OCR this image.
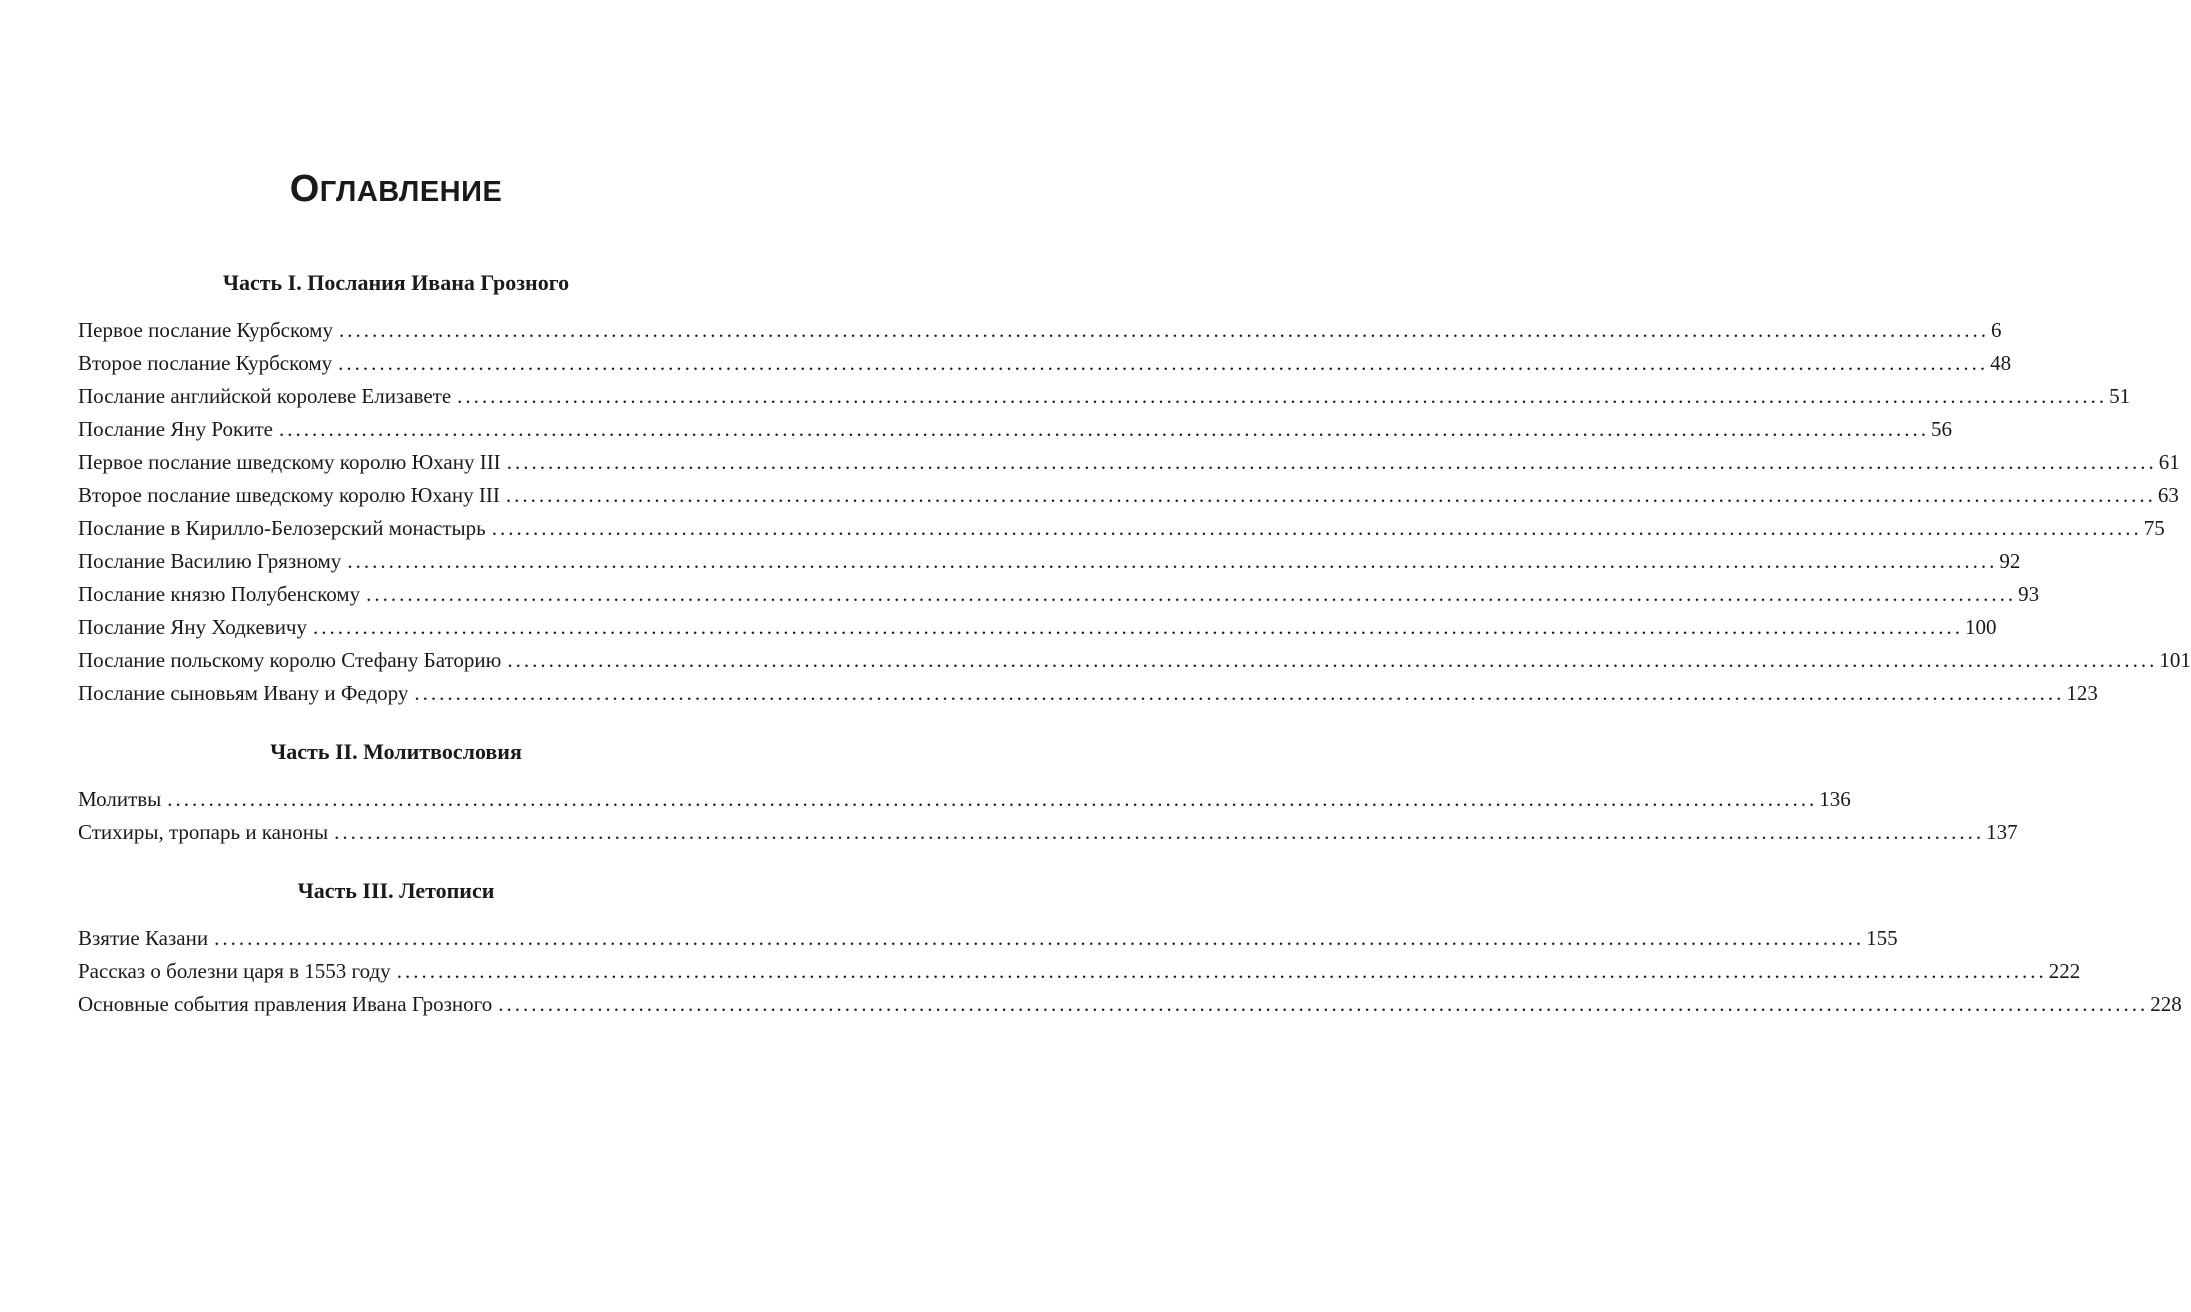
ОГЛАВЛЕНИЕ
Часть I. Послания Ивана Грозного
Первое послание Курбскому ........................................................................................................................................................................................................ 6
Второе послание Курбскому ........................................................................................................................................................................................................ 48
Послание английской королеве Елизавете ........................................................................................................................................................................................................ 51
Послание Яну Роките ........................................................................................................................................................................................................ 56
Первое послание шведскому королю Юхану III ........................................................................................................................................................................................................ 61
Второе послание шведскому королю Юхану III ........................................................................................................................................................................................................ 63
Послание в Кирилло-Белозерский монастырь ........................................................................................................................................................................................................ 75
Послание Василию Грязному ........................................................................................................................................................................................................ 92
Послание князю Полубенскому ........................................................................................................................................................................................................ 93
Послание Яну Ходкевичу ........................................................................................................................................................................................................ 100
Послание польскому королю Стефану Баторию ........................................................................................................................................................................................................ 101
Послание сыновьям Ивану и Федору ........................................................................................................................................................................................................ 123
Часть II. Молитвословия
Молитвы ........................................................................................................................................................................................................ 136
Стихиры, тропарь и каноны ........................................................................................................................................................................................................ 137
Часть III. Летописи
Взятие Казани ........................................................................................................................................................................................................ 155
Рассказ о болезни царя в 1553 году ........................................................................................................................................................................................................ 222
Основные события правления Ивана Грозного ........................................................................................................................................................................................................ 228
